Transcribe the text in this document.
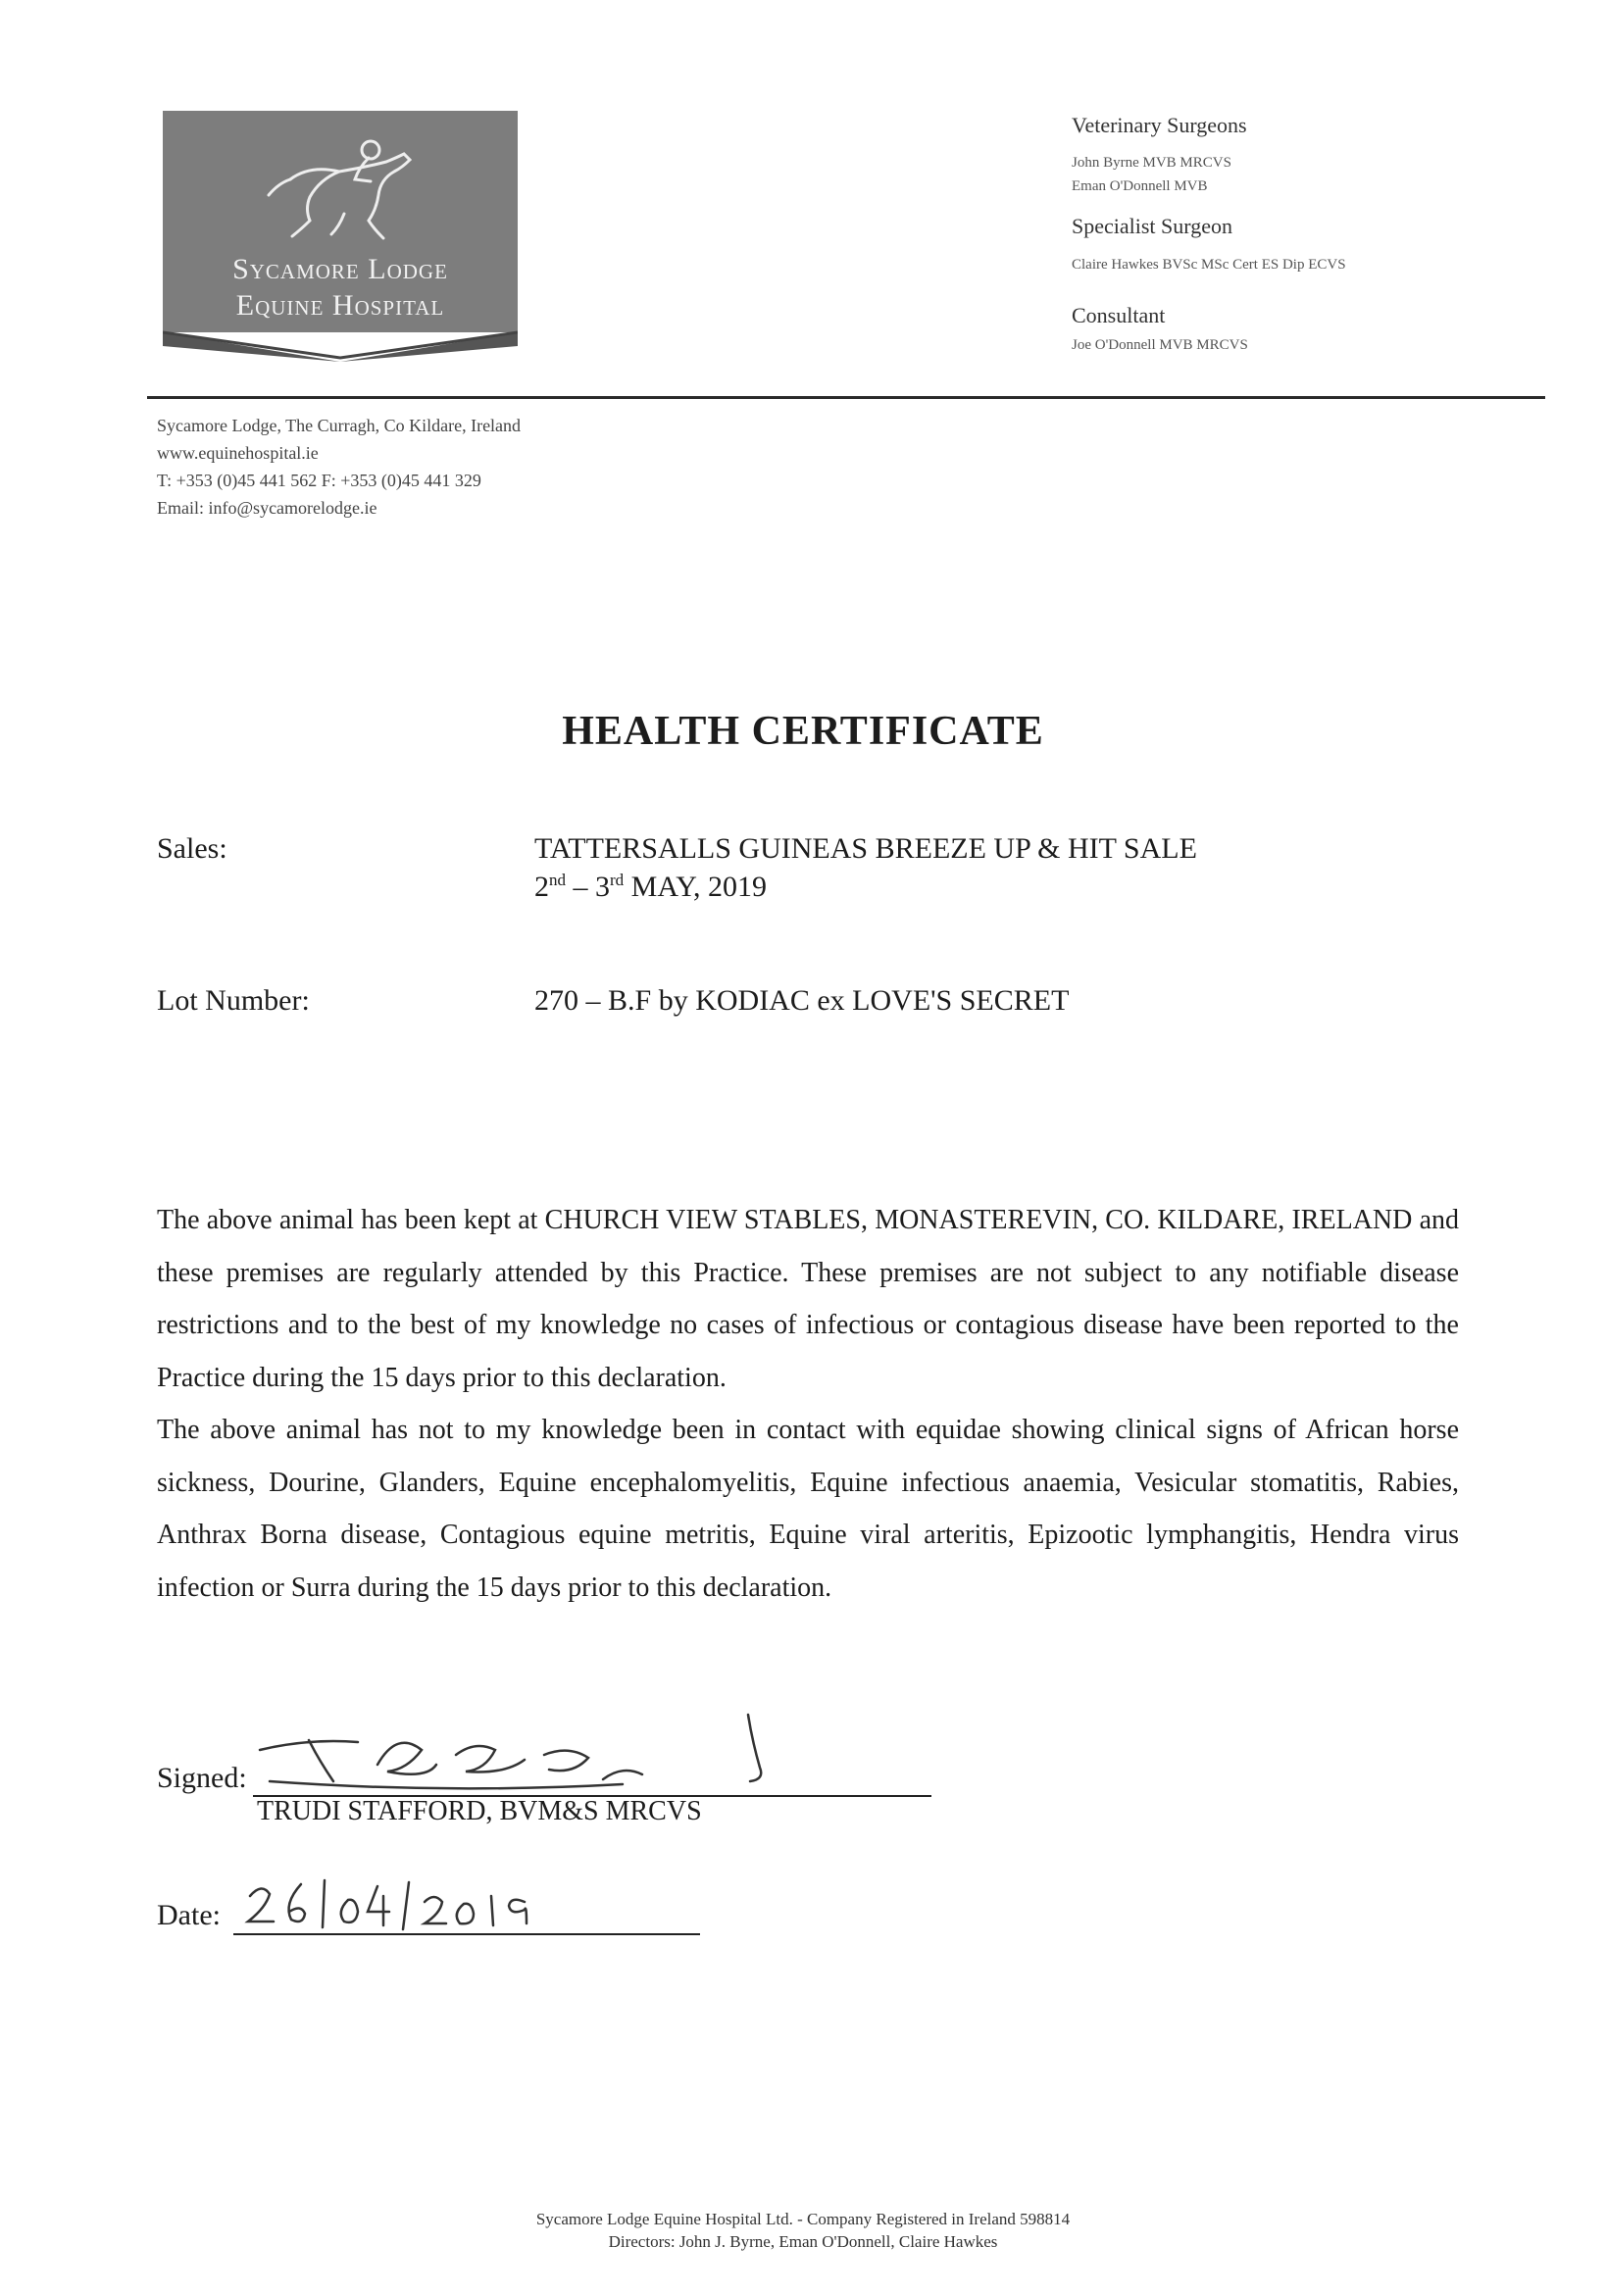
Sycamore Lodge
Equine Hospital
Veterinary Surgeons
John Byrne MVB MRCVS
Eman O'Donnell MVB
Specialist Surgeon
Claire Hawkes BVSc MSc Cert ES Dip ECVS
Consultant
Joe O'Donnell MVB MRCVS
Sycamore Lodge, The Curragh, Co Kildare, Ireland
www.equinehospital.ie
T: +353 (0)45 441 562 F: +353 (0)45 441 329
Email: info@sycamorelodge.ie
HEALTH CERTIFICATE
Sales:	TATTERSALLS GUINEAS BREEZE UP & HIT SALE
2nd – 3rd MAY, 2019
Lot Number:	270 – B.F by KODIAC ex LOVE'S SECRET
The above animal has been kept at CHURCH VIEW STABLES, MONASTEREVIN, CO. KILDARE, IRELAND and these premises are regularly attended by this Practice. These premises are not subject to any notifiable disease restrictions and to the best of my knowledge no cases of infectious or contagious disease have been reported to the Practice during the 15 days prior to this declaration.
The above animal has not to my knowledge been in contact with equidae showing clinical signs of African horse sickness, Dourine, Glanders, Equine encephalomyelitis, Equine infectious anaemia, Vesicular stomatitis, Rabies, Anthrax Borna disease, Contagious equine metritis, Equine viral arteritis, Epizootic lymphangitis, Hendra virus infection or Surra during the 15 days prior to this declaration.
Signed:
TRUDI STAFFORD, BVM&S MRCVS
Date:
Sycamore Lodge Equine Hospital Ltd. - Company Registered in Ireland 598814
Directors: John J. Byrne, Eman O'Donnell, Claire Hawkes
